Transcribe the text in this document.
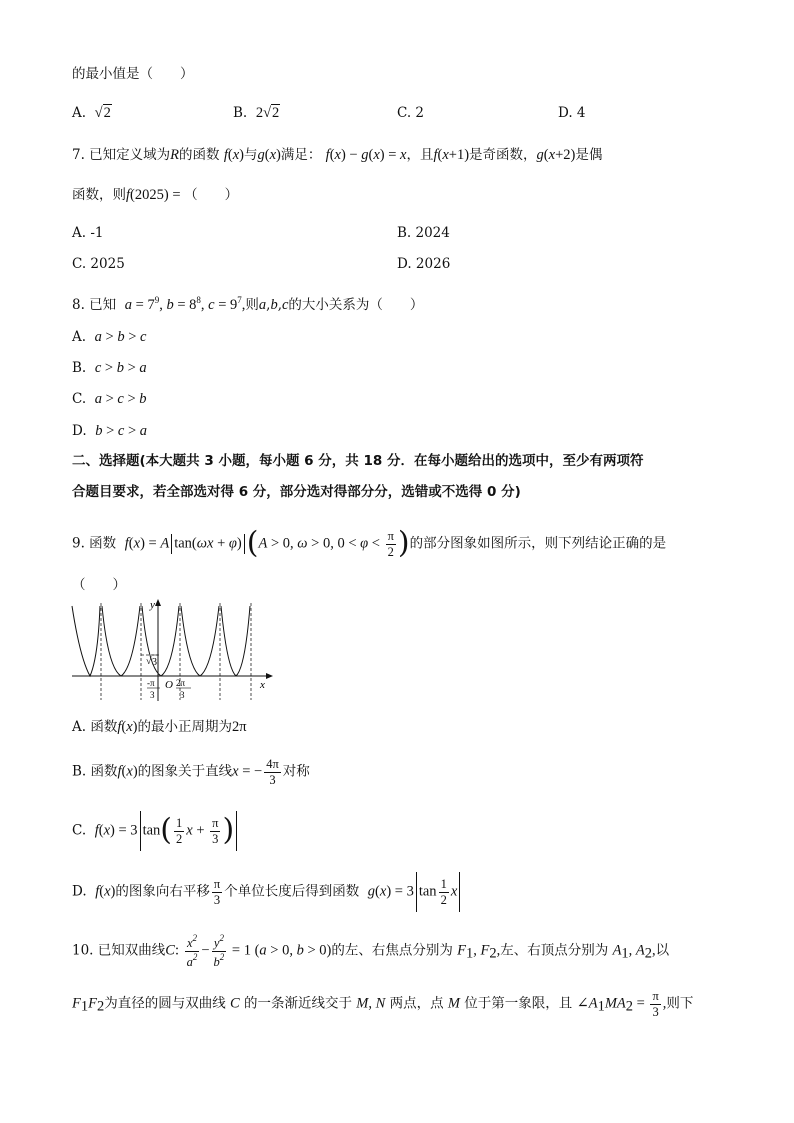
的最小值是（　　）
A. √2	B. 2√2	C. 2	D. 4
7. 已知定义域为R的函数 f(x)与g(x)满足： f(x) − g(x) = x，且f(x+1)是奇函数，g(x+2)是偶
函数，则f(2025) = （　　）
A. -1	B. 2024
C. 2025	D. 2026
8. 已知 $a = 7^9$, $b = 8^8$, $c = 9^7$,则a,b,c的大小关系为（　　）
A. a > b > c
B. c > b > a
C. a > c > b
D. b > c > a
二、选择题(本大题共 3 小题，每小题 6 分，共 18 分．在每小题给出的选项中，至少有两项符
合题目要求，若全部选对得 6 分，部分选对得部分分，选错或不选得 0 分)
9. 函数 f(x) = A tan(ωx + φ) (A > 0, ω > 0, $0 < \varphi < \frac{\pi}{2}$ )的部分图象如图所示，则下列结论正确的是
（　　）
y
x
√ 3
O
-π
3
2π
3
A. 函数f(x)的最小正周期为2π
B. 函数f(x)的图象关于直线x = − $\frac{4\pi}{3}$ 对称
C. f(x) = 3 $\tan( \frac{1}{2}$ $x + \frac{\pi}{3}$ )
D. f(x)的图象向右平移 $\frac{\pi}{3}$ 个单位长度后得到函数 g(x) = 3 $\tan \frac{1}{2}$ x
10. 已知双曲线C: $\frac{x^2}{a^2} - \frac{y^2}{b^2} = 1$ (a > 0, b > 0)的左、右焦点分别为 $F_1$, $F_2$,左、右顶点分别为 $A_1$, $A_2$,以
$F_1F_2$为直径的圆与双曲线 C 的一条渐近线交于 M, N 两点，点 M 位于第一象限，且 $\angle A_1MA_2 = \frac{\pi}{3}$ ,则下
